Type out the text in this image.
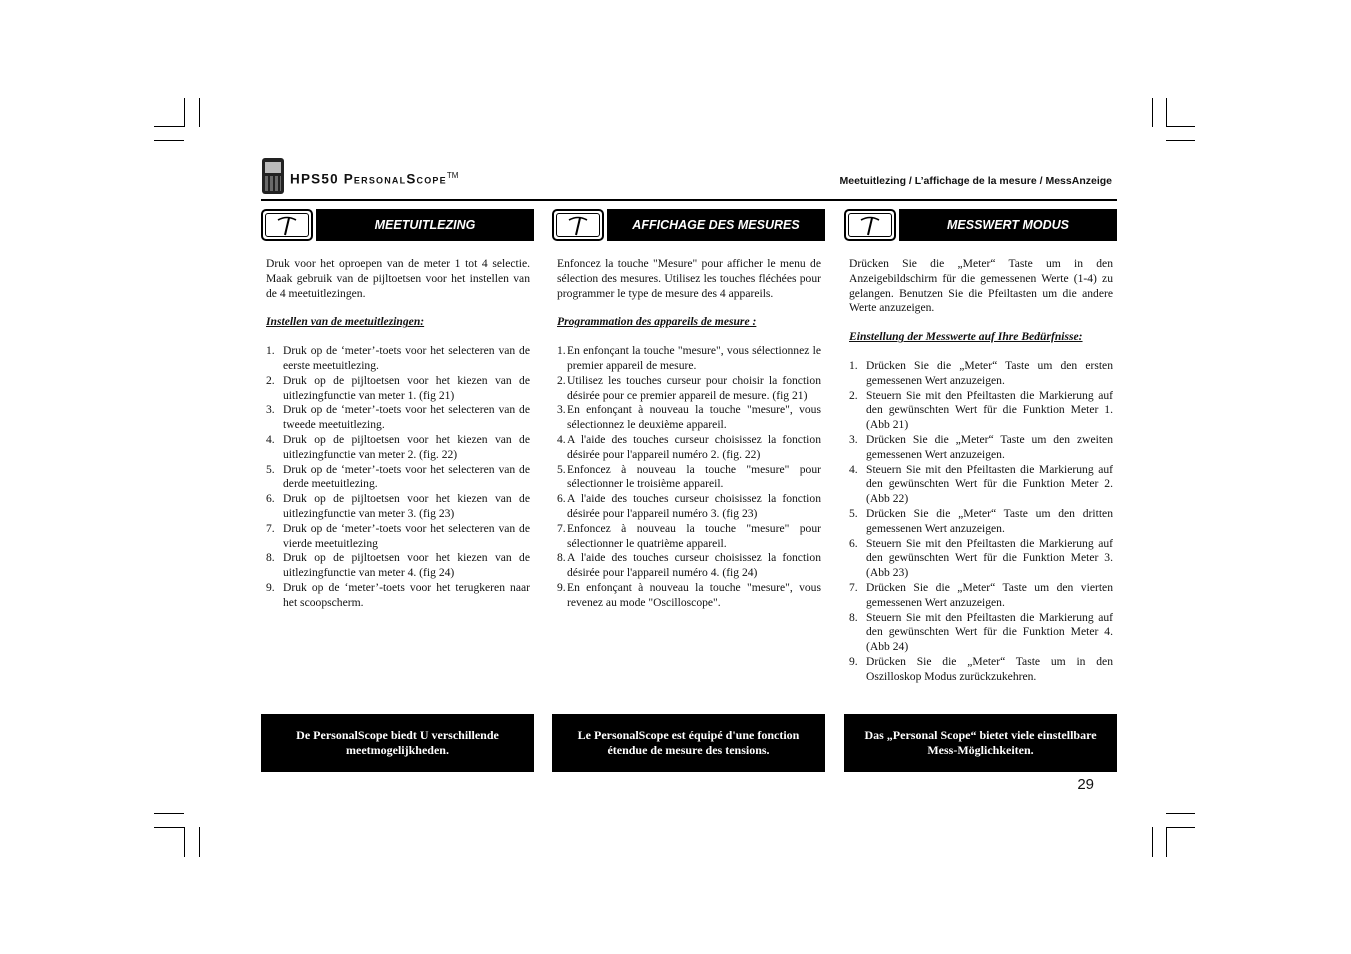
HPS50 PersonalScope™	Meetuitlezing / L’affichage de la mesure / MessAnzeige
MEETUITLEZING

Druk voor het oproepen van de meter 1 tot 4 selectie. Maak gebruik van de pijltoetsen voor het instellen van de 4 meetuitlezingen.

Instellen van de meetuitlezingen:

1. Druk op de ‘meter’-toets voor het selecteren van de eerste meetuitlezing.
2. Druk op de pijltoetsen voor het kiezen van de uitlezingfunctie van meter 1. (fig 21)
3. Druk op de ‘meter’-toets voor het selecteren van de tweede meetuitlezing.
4. Druk op de pijltoetsen voor het kiezen van de uitlezingfunctie van meter 2. (fig. 22)
5. Druk op de ‘meter’-toets voor het selecteren van de derde meetuitlezing.
6. Druk op de pijltoetsen voor het kiezen van de uitlezingfunctie van meter 3. (fig 23)
7. Druk op de ‘meter’-toets voor het selecteren van de vierde meetuitlezing
8. Druk op de pijltoetsen voor het kiezen van de uitlezingfunctie van meter 4. (fig 24)
9. Druk op de ‘meter’-toets voor het terugkeren naar het scoopscherm.
AFFICHAGE DES MESURES

Enfoncez la touche "Mesure" pour afficher le menu de sélection des mesures. Utilisez les touches fléchées pour programmer le type de mesure des 4 appareils.

Programmation des appareils de mesure :

1. En enfonçant la touche "mesure", vous sélectionnez le premier appareil de mesure.
2. Utilisez les touches curseur pour choisir la fonction désirée pour ce premier appareil de mesure. (fig 21)
3. En enfonçant à nouveau la touche "mesure", vous sélectionnez le deuxième appareil.
4. A l'aide des touches curseur choisissez la fonction désirée pour l'appareil numéro 2. (fig. 22)
5. Enfoncez à nouveau la touche "mesure" pour sélectionner le troisième appareil.
6. A l'aide des touches curseur choisissez la fonction désirée pour l'appareil numéro 3. (fig 23)
7. Enfoncez à nouveau la touche "mesure" pour sélectionner le quatrième appareil.
8. A l'aide des touches curseur choisissez la fonction désirée pour l'appareil numéro 4. (fig 24)
9. En enfonçant à nouveau la touche "mesure", vous revenez au mode "Oscilloscope".
MESSWERT MODUS

Drücken Sie die „Meter“ Taste um in den Anzeigebildschirm für die gemessenen Werte (1-4) zu gelangen. Benutzen Sie die Pfeiltasten um die andere Werte anzuzeigen.

Einstellung der Messwerte auf Ihre Bedürfnisse:

1. Drücken Sie die „Meter“ Taste um den ersten gemessenen Wert anzuzeigen.
2. Steuern Sie mit den Pfeiltasten die Markierung auf den gewünschten Wert für die Funktion Meter 1. (Abb 21)
3. Drücken Sie die „Meter“ Taste um den zweiten gemessenen Wert anzuzeigen.
4. Steuern Sie mit den Pfeiltasten die Markierung auf den gewünschten Wert für die Funktion Meter 2. (Abb 22)
5. Drücken Sie die „Meter“ Taste um den dritten gemessenen Wert anzuzeigen.
6. Steuern Sie mit den Pfeiltasten die Markierung auf den gewünschten Wert für die Funktion Meter 3. (Abb 23)
7. Drücken Sie die „Meter“ Taste um den vierten gemessenen Wert anzuzeigen.
8. Steuern Sie mit den Pfeiltasten die Markierung auf den gewünschten Wert für die Funktion Meter 4. (Abb 24)
9. Drücken Sie die „Meter“ Taste um in den Oszilloskop Modus zurückzukehren.
De PersonalScope biedt U verschillende meetmogelijkheden.
Le PersonalScope est équipé d'une fonction étendue de mesure des tensions.
Das „Personal Scope“ bietet viele einstellbare Mess-Möglichkeiten.
29
